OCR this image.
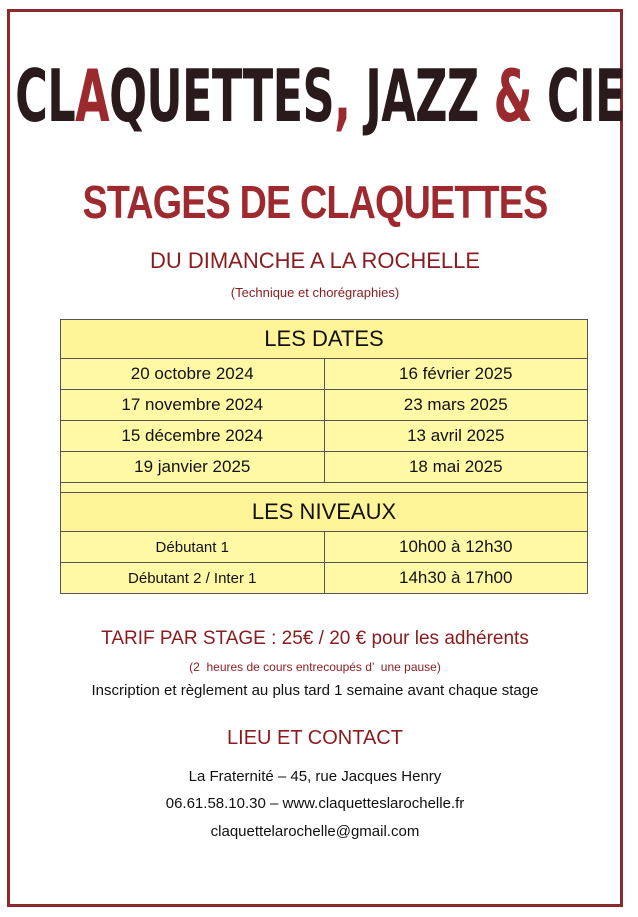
CL A QUETTES , JAZZ & CIE
STAGES DE CLAQUETTES
DU DIMANCHE A LA ROCHELLE
(Technique et chorégraphies)
LES DATES	
20 octobre 2024	16 février 2025
17 novembre 2024	23 mars 2025
15 décembre 2024	13 avril 2025
19 janvier 2025	18 mai 2025

LES NIVEAUX	
Débutant 1	10h00 à 12h30
Débutant 2 / Inter 1	14h30 à 17h00
TARIF PAR STAGE : 25€ / 20 € pour les adhérents
(2  heures de cours entrecoupés d’  une pause)
Inscription et règlement au plus tard 1 semaine avant chaque stage
LIEU ET CONTACT
La Fraternité – 45, rue Jacques Henry
06.61.58.10.30 – www.claquetteslarochelle.fr
claquettelarochelle@gmail.com
